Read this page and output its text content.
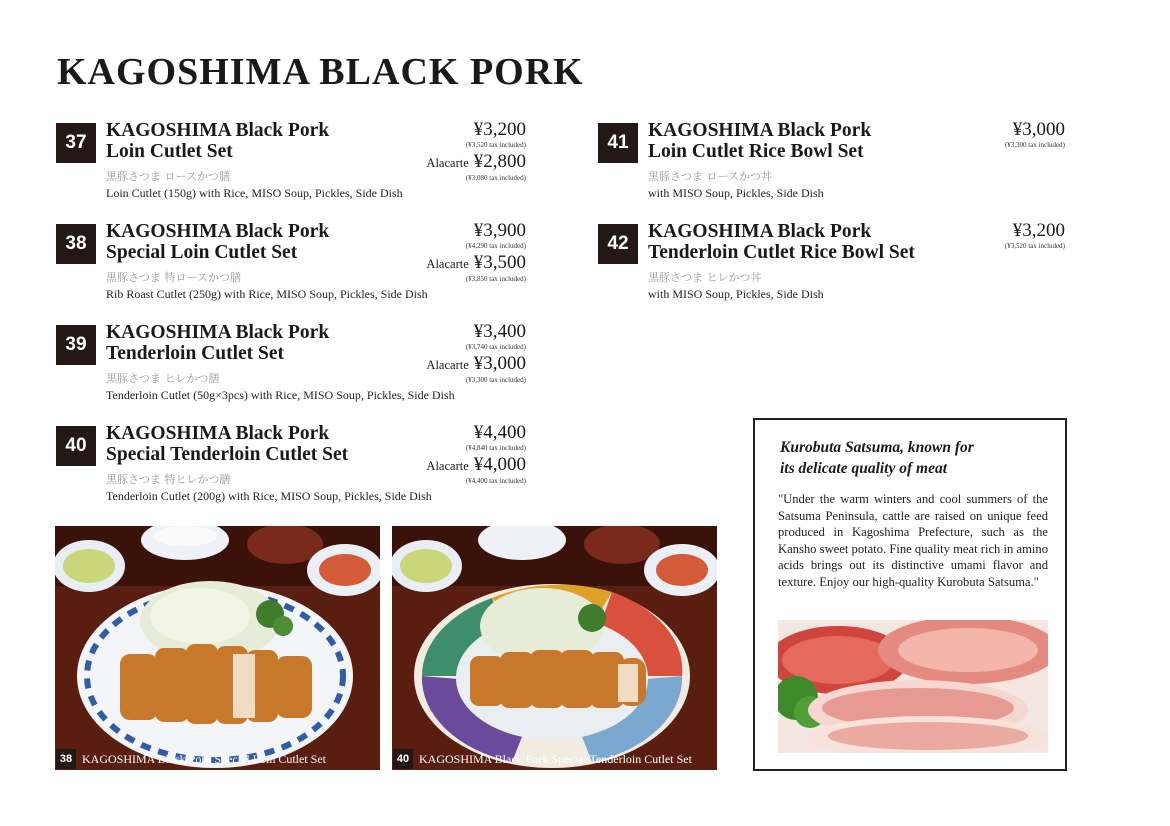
KAGOSHIMA BLACK PORK
37
KAGOSHIMA Black Pork
Loin Cutlet Set
¥3,200
(¥3,520 tax included)
Alacarte ¥2,800
(¥3,080 tax included)
黒豚さつま ロースかつ膳
Loin Cutlet (150g) with Rice, MISO Soup, Pickles, Side Dish
38
KAGOSHIMA Black Pork
Special Loin Cutlet Set
¥3,900
(¥4,290 tax included)
Alacarte ¥3,500
(¥3,850 tax included)
黒豚さつま 特ロースかつ膳
Rib Roast Cutlet (250g) with Rice, MISO Soup, Pickles, Side Dish
39
KAGOSHIMA Black Pork
Tenderloin Cutlet Set
¥3,400
(¥3,740 tax included)
Alacarte ¥3,000
(¥3,300 tax included)
黒豚さつま ヒレかつ膳
Tenderloin Cutlet (50g×3pcs) with Rice, MISO Soup, Pickles, Side Dish
40
KAGOSHIMA Black Pork
Special Tenderloin Cutlet Set
¥4,400
(¥4,840 tax included)
Alacarte ¥4,000
(¥4,400 tax included)
黒豚さつま 特ヒレかつ膳
Tenderloin Cutlet (200g) with Rice, MISO Soup, Pickles, Side Dish
41
KAGOSHIMA Black Pork
Loin Cutlet Rice Bowl Set
¥3,000
(¥3,300 tax included)
黒豚さつま ロースかつ丼
with MISO Soup, Pickles, Side Dish
42
KAGOSHIMA Black Pork
Tenderloin Cutlet Rice Bowl Set
¥3,200
(¥3,520 tax included)
黒豚さつま ヒレかつ丼
with MISO Soup, Pickles, Side Dish
38 KAGOSHIMA Black Pork Special Loin Cutlet Set	40 KAGOSHIMA Black Pork Special Tenderloin Cutlet Set
Kurobuta Satsuma, known for
its delicate quality of meat
"Under the warm winters and cool summers of the Satsuma Peninsula, cattle are raised on unique feed produced in Kagoshima Prefecture, such as the Kansho sweet potato. Fine quality meat rich in amino acids brings out its distinctive umami flavor and texture. Enjoy our high-quality Kurobuta Satsuma."
